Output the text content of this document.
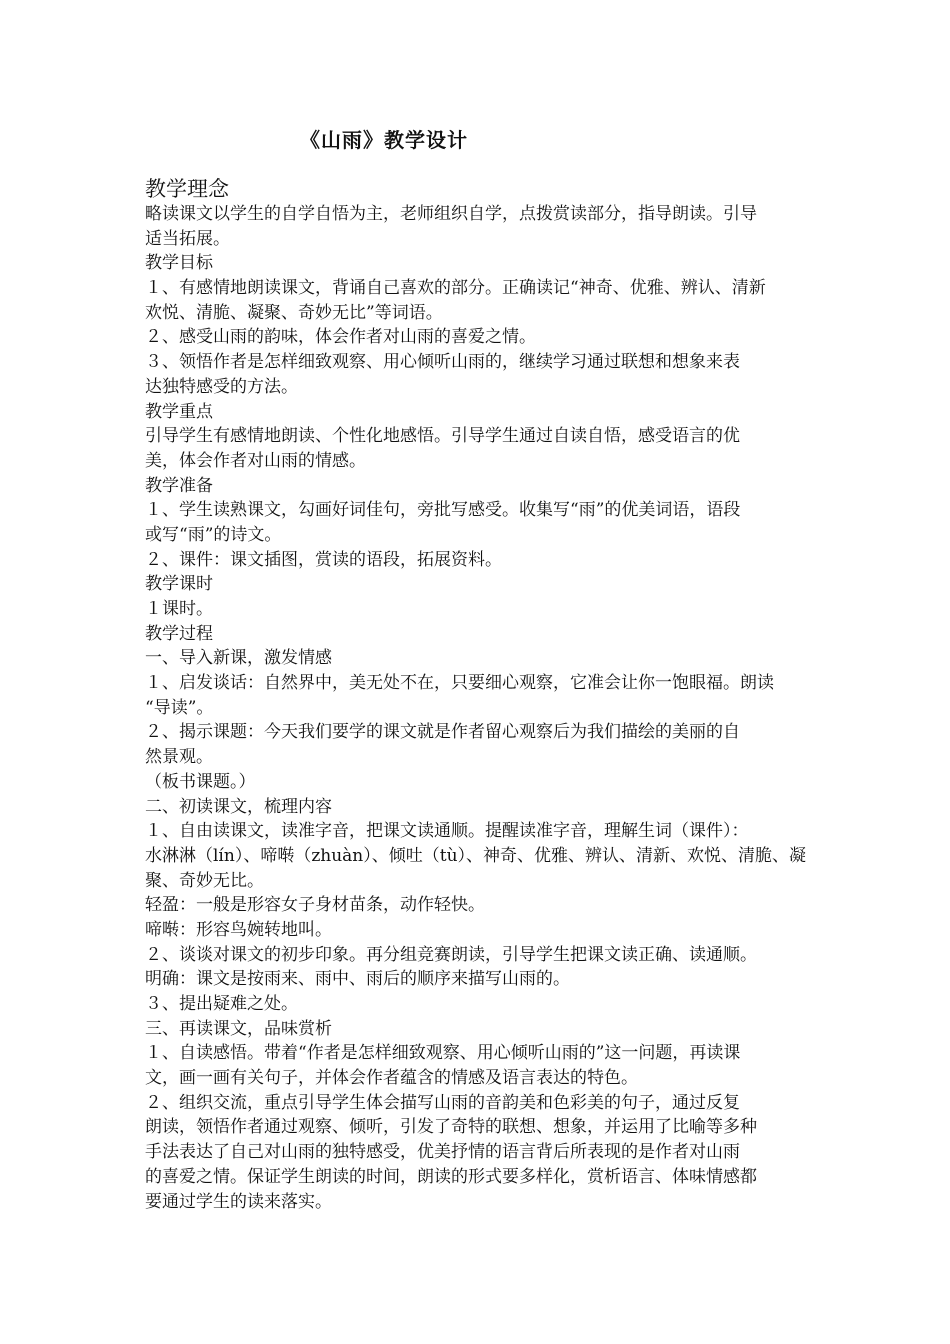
《山雨》教学设计
教学理念
略读课文以学生的自学自悟为主，老师组织自学，点拨赏读部分，指导朗读。引导
适当拓展。
教学目标
１、有感情地朗读课文，背诵自己喜欢的部分。正确读记“神奇、优雅、辨认、清新
欢悦、清脆、凝聚、奇妙无比”等词语。
２、感受山雨的韵味，体会作者对山雨的喜爱之情。
３、领悟作者是怎样细致观察、用心倾听山雨的，继续学习通过联想和想象来表
达独特感受的方法。
教学重点
引导学生有感情地朗读、个性化地感悟。引导学生通过自读自悟，感受语言的优
美，体会作者对山雨的情感。
教学准备
１、学生读熟课文，勾画好词佳句，旁批写感受。收集写“雨”的优美词语，语段
或写“雨”的诗文。
２、课件：课文插图，赏读的语段，拓展资料。
教学课时
１课时。
教学过程
一、导入新课，激发情感
１、启发谈话：自然界中，美无处不在，只要细心观察，它准会让你一饱眼福。朗读
“导读”。
２、揭示课题：今天我们要学的课文就是作者留心观察后为我们描绘的美丽的自
然景观。
（板书课题。）
二、初读课文，梳理内容
１、自由读课文，读准字音，把课文读通顺。提醒读准字音，理解生词（课件）：
水淋淋（lín）、啼啭（zhuàn）、倾吐（tù）、神奇、优雅、辨认、清新、欢悦、清脆、凝
聚、奇妙无比。
轻盈：一般是形容女子身材苗条，动作轻快。
啼啭：形容鸟婉转地叫。
２、谈谈对课文的初步印象。再分组竞赛朗读，引导学生把课文读正确、读通顺。
明确：课文是按雨来、雨中、雨后的顺序来描写山雨的。
３、提出疑难之处。
三、再读课文，品味赏析
１、自读感悟。带着“作者是怎样细致观察、用心倾听山雨的”这一问题，再读课
文，画一画有关句子，并体会作者蕴含的情感及语言表达的特色。
２、组织交流，重点引导学生体会描写山雨的音韵美和色彩美的句子，通过反复
朗读，领悟作者通过观察、倾听，引发了奇特的联想、想象，并运用了比喻等多种
手法表达了自己对山雨的独特感受，优美抒情的语言背后所表现的是作者对山雨
的喜爱之情。保证学生朗读的时间，朗读的形式要多样化，赏析语言、体味情感都
要通过学生的读来落实。
